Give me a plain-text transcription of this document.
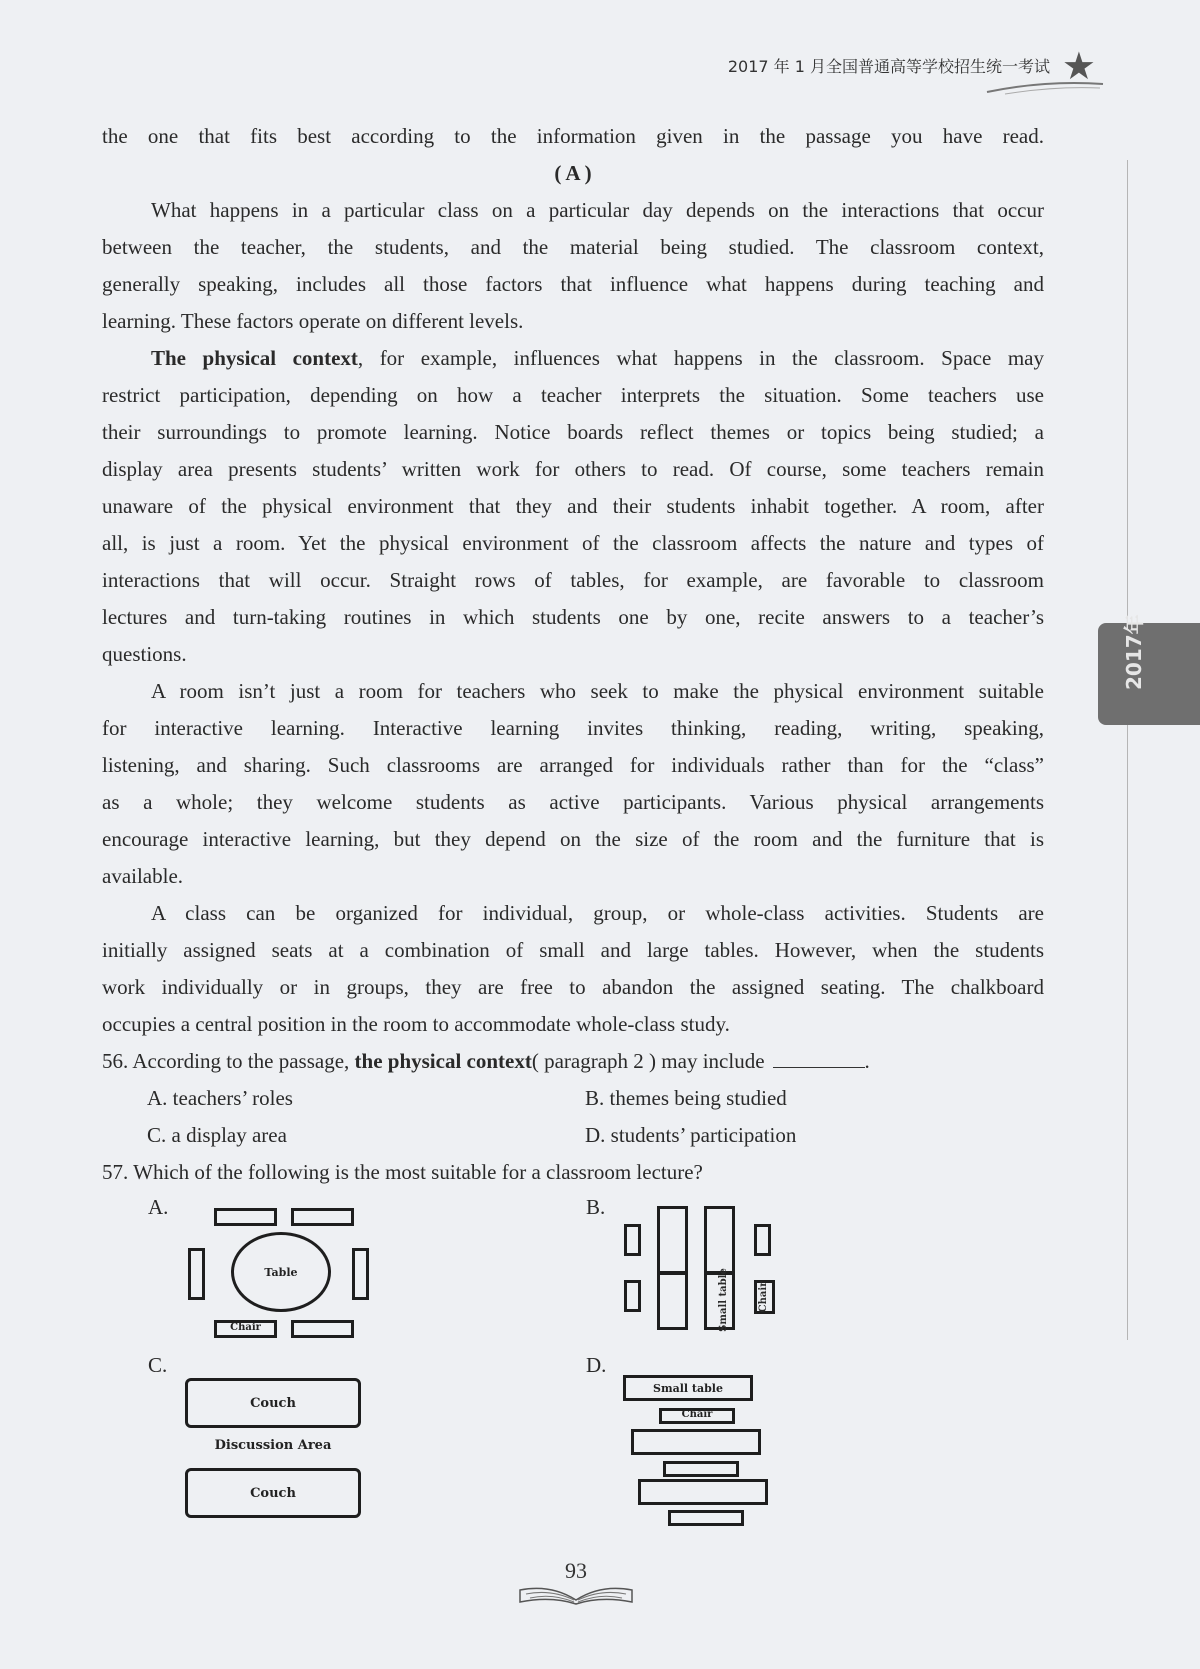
2017 年 1 月全国普通高等学校招生统一考试 ★
2017年
the one that fits best according to the information given in the passage you have read.
( A )
What happens in a particular class on a particular day depends on the interactions that occur
between the teacher, the students, and the material being studied. The classroom context,
generally speaking, includes all those factors that influence what happens during teaching and
learning. These factors operate on different levels.
The physical context, for example, influences what happens in the classroom. Space may
restrict participation, depending on how a teacher interprets the situation. Some teachers use
their surroundings to promote learning. Notice boards reflect themes or topics being studied; a
display area presents students’ written work for others to read. Of course, some teachers remain
unaware of the physical environment that they and their students inhabit together. A room, after
all, is just a room. Yet the physical environment of the classroom affects the nature and types of
interactions that will occur. Straight rows of tables, for example, are favorable to classroom
lectures and turn-taking routines in which students one by one, recite answers to a teacher’s
questions.
A room isn’t just a room for teachers who seek to make the physical environment suitable
for interactive learning. Interactive learning invites thinking, reading, writing, speaking,
listening, and sharing. Such classrooms are arranged for individuals rather than for the “class”
as a whole; they welcome students as active participants. Various physical arrangements
encourage interactive learning, but they depend on the size of the room and the furniture that is
available.
A class can be organized for individual, group, or whole-class activities. Students are
initially assigned seats at a combination of small and large tables. However, when the students
work individually or in groups, they are free to abandon the assigned seating. The chalkboard
occupies a central position in the room to accommodate whole-class study.
56. According to the passage, the physical context( paragraph 2 ) may include	.
A. teachers’ roles	B. themes being studied
C. a display area	D. students’ participation
57. Which of the following is the most suitable for a classroom lecture?
A.	B.
C.	D.
Table
Chair	Small table	Chair
Couch
Discussion Area
Couch
Small table
Chair
93
